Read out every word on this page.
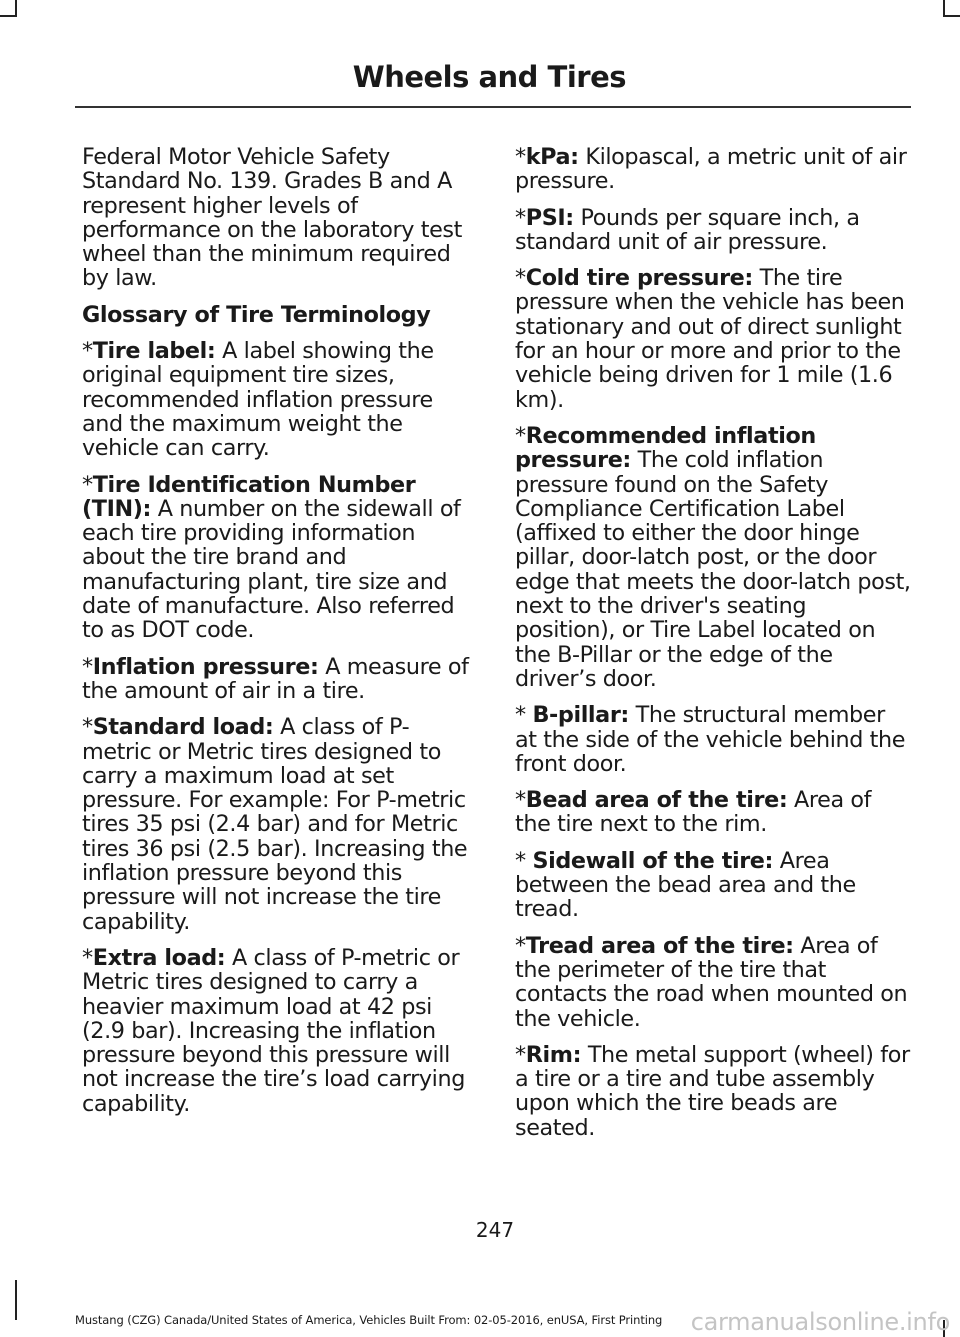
Wheels and Tires

Federal Motor Vehicle Safety Standard No. 139. Grades B and A represent higher levels of performance on the laboratory test wheel than the minimum required by law.

Glossary of Tire Terminology

*Tire label: A label showing the original equipment tire sizes, recommended inflation pressure and the maximum weight the vehicle can carry.

*Tire Identification Number (TIN): A number on the sidewall of each tire providing information about the tire brand and manufacturing plant, tire size and date of manufacture. Also referred to as DOT code.

*Inflation pressure: A measure of the amount of air in a tire.

*Standard load: A class of P-metric or Metric tires designed to carry a maximum load at set pressure. For example: For P-metric tires 35 psi (2.4 bar) and for Metric tires 36 psi (2.5 bar). Increasing the inflation pressure beyond this pressure will not increase the tire capability.

*Extra load: A class of P-metric or Metric tires designed to carry a heavier maximum load at 42 psi (2.9 bar). Increasing the inflation pressure beyond this pressure will not increase the tire’s load carrying capability.

*kPa: Kilopascal, a metric unit of air pressure.

*PSI: Pounds per square inch, a standard unit of air pressure.

*Cold tire pressure: The tire pressure when the vehicle has been stationary and out of direct sunlight for an hour or more and prior to the vehicle being driven for 1 mile (1.6 km).

*Recommended inflation pressure: The cold inflation pressure found on the Safety Compliance Certification Label (affixed to either the door hinge pillar, door-latch post, or the door edge that meets the door-latch post, next to the driver's seating position), or Tire Label located on the B-Pillar or the edge of the driver’s door.

* B-pillar: The structural member at the side of the vehicle behind the front door.

*Bead area of the tire: Area of the tire next to the rim.

* Sidewall of the tire: Area between the bead area and the tread.

*Tread area of the tire: Area of the perimeter of the tire that contacts the road when mounted on the vehicle.

*Rim: The metal support (wheel) for a tire or a tire and tube assembly upon which the tire beads are seated.

247
Mustang (CZG) Canada/United States of America, Vehicles Built From: 02-05-2016, enUSA, First Printing carmanualsonline.info
